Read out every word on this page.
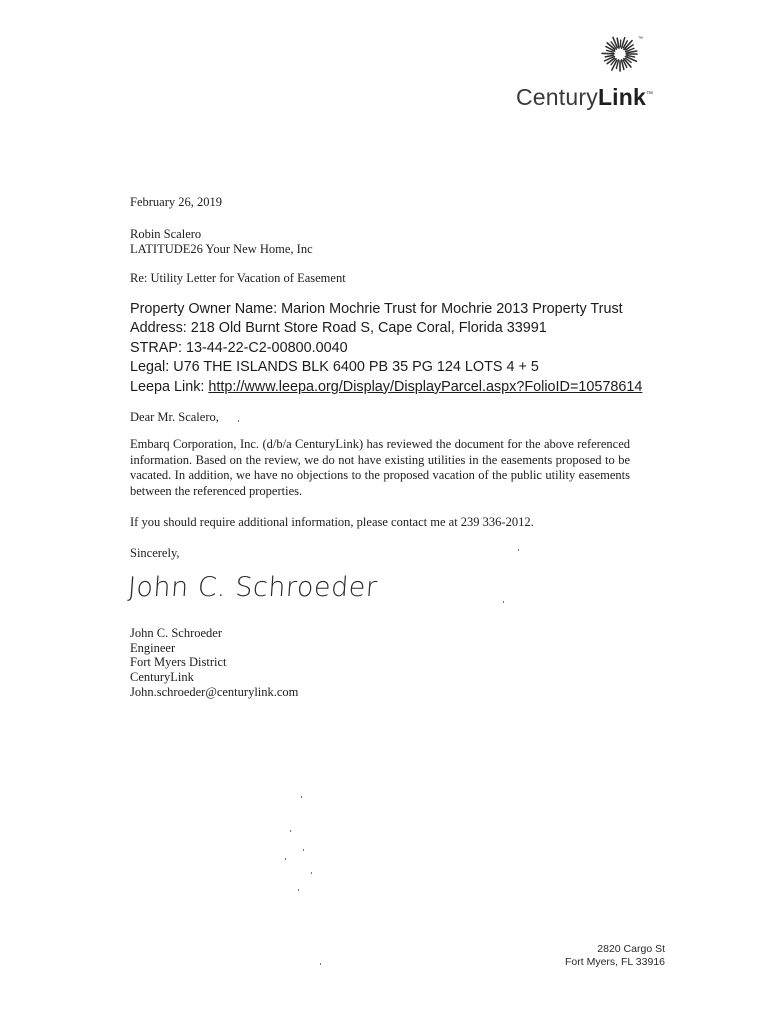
™
CenturyLink™
February 26, 2019
Robin Scalero
LATITUDE26 Your New Home, Inc
Re: Utility Letter for Vacation of Easement
Property Owner Name: Marion Mochrie Trust for Mochrie 2013 Property Trust
Address: 218 Old Burnt Store Road S, Cape Coral, Florida 33991
STRAP: 13-44-22-C2-00800.0040
Legal: U76 THE ISLANDS BLK 6400 PB 35 PG 124 LOTS 4 + 5
Leepa Link: http://www.leepa.org/Display/DisplayParcel.aspx?FolioID=10578614
Dear Mr. Scalero,
Embarq Corporation, Inc. (d/b/a CenturyLink) has reviewed the document for the above referenced information. Based on the review, we do not have existing utilities in the easements proposed to be vacated. In addition, we have no objections to the proposed vacation of the public utility easements between the referenced properties.
If you should require additional information, please contact me at 239 336-2012.
Sincerely,
John C. Schroeder
John C. Schroeder
Engineer
Fort Myers District
CenturyLink
John.schroeder@centurylink.com
2820 Cargo St
Fort Myers, FL 33916
